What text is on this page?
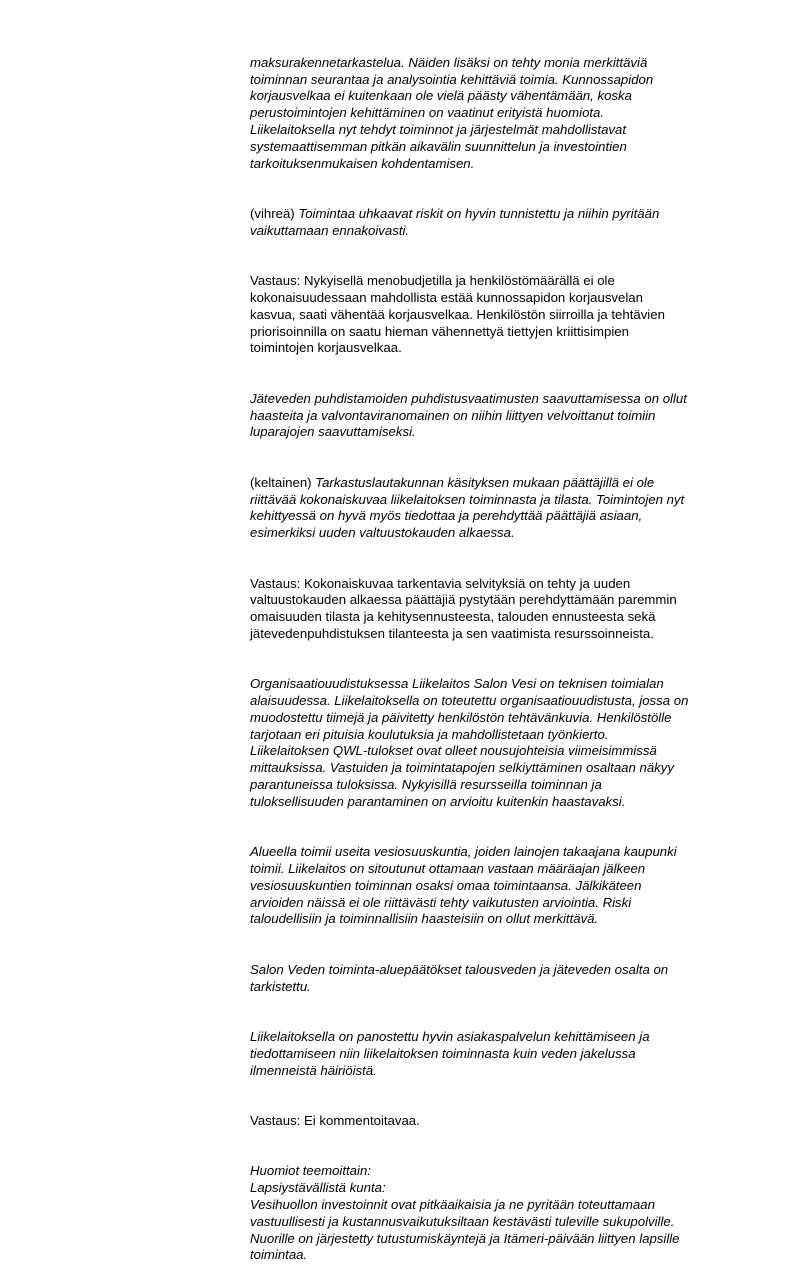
maksurakennetarkastelua. Näiden lisäksi on tehty monia merkittäviä
toiminnan seurantaa ja analysointia kehittäviä toimia. Kunnossapidon
korjausvelkaa ei kuitenkaan ole vielä päästy vähentämään, koska
perustoimintojen kehittäminen on vaatinut erityistä huomiota.
Liikelaitoksella nyt tehdyt toiminnot ja järjestelmät mahdollistavat
systemaattisemman pitkän aikavälin suunnittelun ja investointien
tarkoituksenmukaisen kohdentamisen.

(vihreä) Toimintaa uhkaavat riskit on hyvin tunnistettu ja niihin pyritään
vaikuttamaan ennakoivasti.

Vastaus: Nykyisellä menobudjetilla ja henkilöstömäärällä ei ole
kokonaisuudessaan mahdollista estää kunnossapidon korjausvelan
kasvua, saati vähentää korjausvelkaa. Henkilöstön siirroilla ja tehtävien
priorisoinnilla on saatu hieman vähennettyä tiettyjen kriittisimpien
toimintojen korjausvelkaa.

Jäteveden puhdistamoiden puhdistusvaatimusten saavuttamisessa on ollut
haasteita ja valvontaviranomainen on niihin liittyen velvoittanut toimiin
luparajojen saavuttamiseksi.

(keltainen) Tarkastuslautakunnan käsityksen mukaan päättäjillä ei ole
riittävää kokonaiskuvaa liikelaitoksen toiminnasta ja tilasta. Toimintojen nyt
kehittyessä on hyvä myös tiedottaa ja perehdyttää päättäjiä asiaan,
esimerkiksi uuden valtuustokauden alkaessa.

Vastaus: Kokonaiskuvaa tarkentavia selvityksiä on tehty ja uuden
valtuustokauden alkaessa päättäjiä pystytään perehdyttämään paremmin
omaisuuden tilasta ja kehitysennusteesta, talouden ennusteesta sekä
jätevedenpuhdistuksen tilanteesta ja sen vaatimista resurssoinneista.

Organisaatiouudistuksessa Liikelaitos Salon Vesi on teknisen toimialan
alaisuudessa. Liikelaitoksella on toteutettu organisaatiouudistusta, jossa on
muodostettu tiimejä ja päivitetty henkilöstön tehtävänkuvia. Henkilöstölle
tarjotaan eri pituisia koulutuksia ja mahdollistetaan työnkierto.
Liikelaitoksen QWL-tulokset ovat olleet nousujohteisia viimeisimmissä
mittauksissa. Vastuiden ja toimintatapojen selkiyttäminen osaltaan näkyy
parantuneissa tuloksissa. Nykyisillä resursseilla toiminnan ja
tuloksellisuuden parantaminen on arvioitu kuitenkin haastavaksi.

Alueella toimii useita vesiosuuskuntia, joiden lainojen takaajana kaupunki
toimii. Liikelaitos on sitoutunut ottamaan vastaan määräajan jälkeen
vesiosuuskuntien toiminnan osaksi omaa toimintaansa. Jälkikäteen
arvioiden näissä ei ole riittävästi tehty vaikutusten arviointia. Riski
taloudellisiin ja toiminnallisiin haasteisiin on ollut merkittävä.

Salon Veden toiminta-aluepäätökset talousveden ja jäteveden osalta on
tarkistettu.

Liikelaitoksella on panostettu hyvin asiakaspalvelun kehittämiseen ja
tiedottamiseen niin liikelaitoksen toiminnasta kuin veden jakelussa
ilmenneistä häiriöistä.

Vastaus: Ei kommentoitavaa.

Huomiot teemoittain:
Lapsiystävällistä kunta:
Vesihuollon investoinnit ovat pitkäaikaisia ja ne pyritään toteuttamaan
vastuullisesti ja kustannusvaikutuksiltaan kestävästi tuleville sukupolville.
Nuorille on järjestetty tutustumiskäyntejä ja Itämeri-päivään liittyen lapsille
toimintaa.
